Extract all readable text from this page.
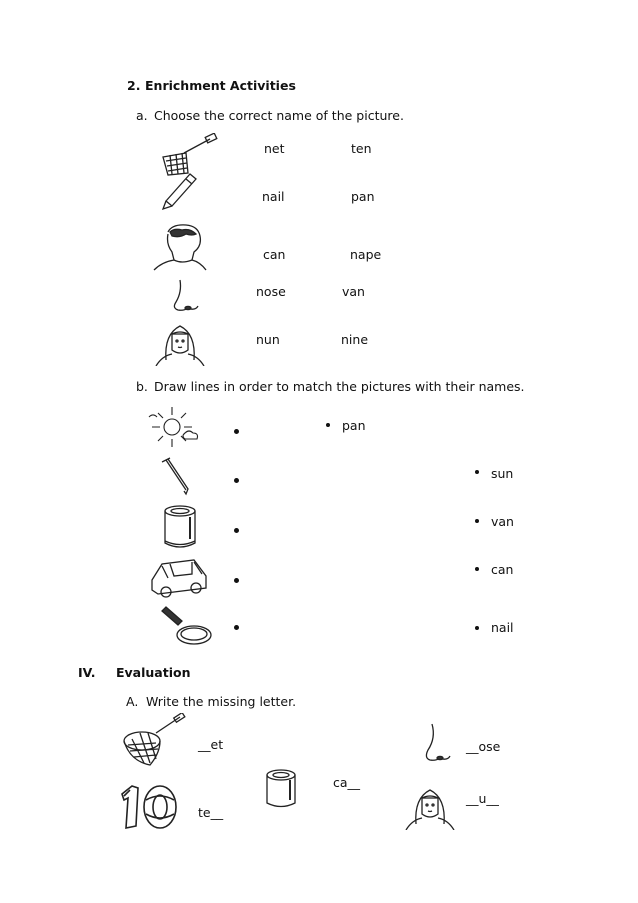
2. Enrichment Activities
a. Choose the correct name of the picture.
net	ten
nail	pan
can	nape
nose	van
nun	nine
b. Draw lines in order to match the pictures with their names.
pan
sun
van
can
nail
IV. Evaluation
A. Write the missing letter.
__et	__ose
ca__
te__
__u__
